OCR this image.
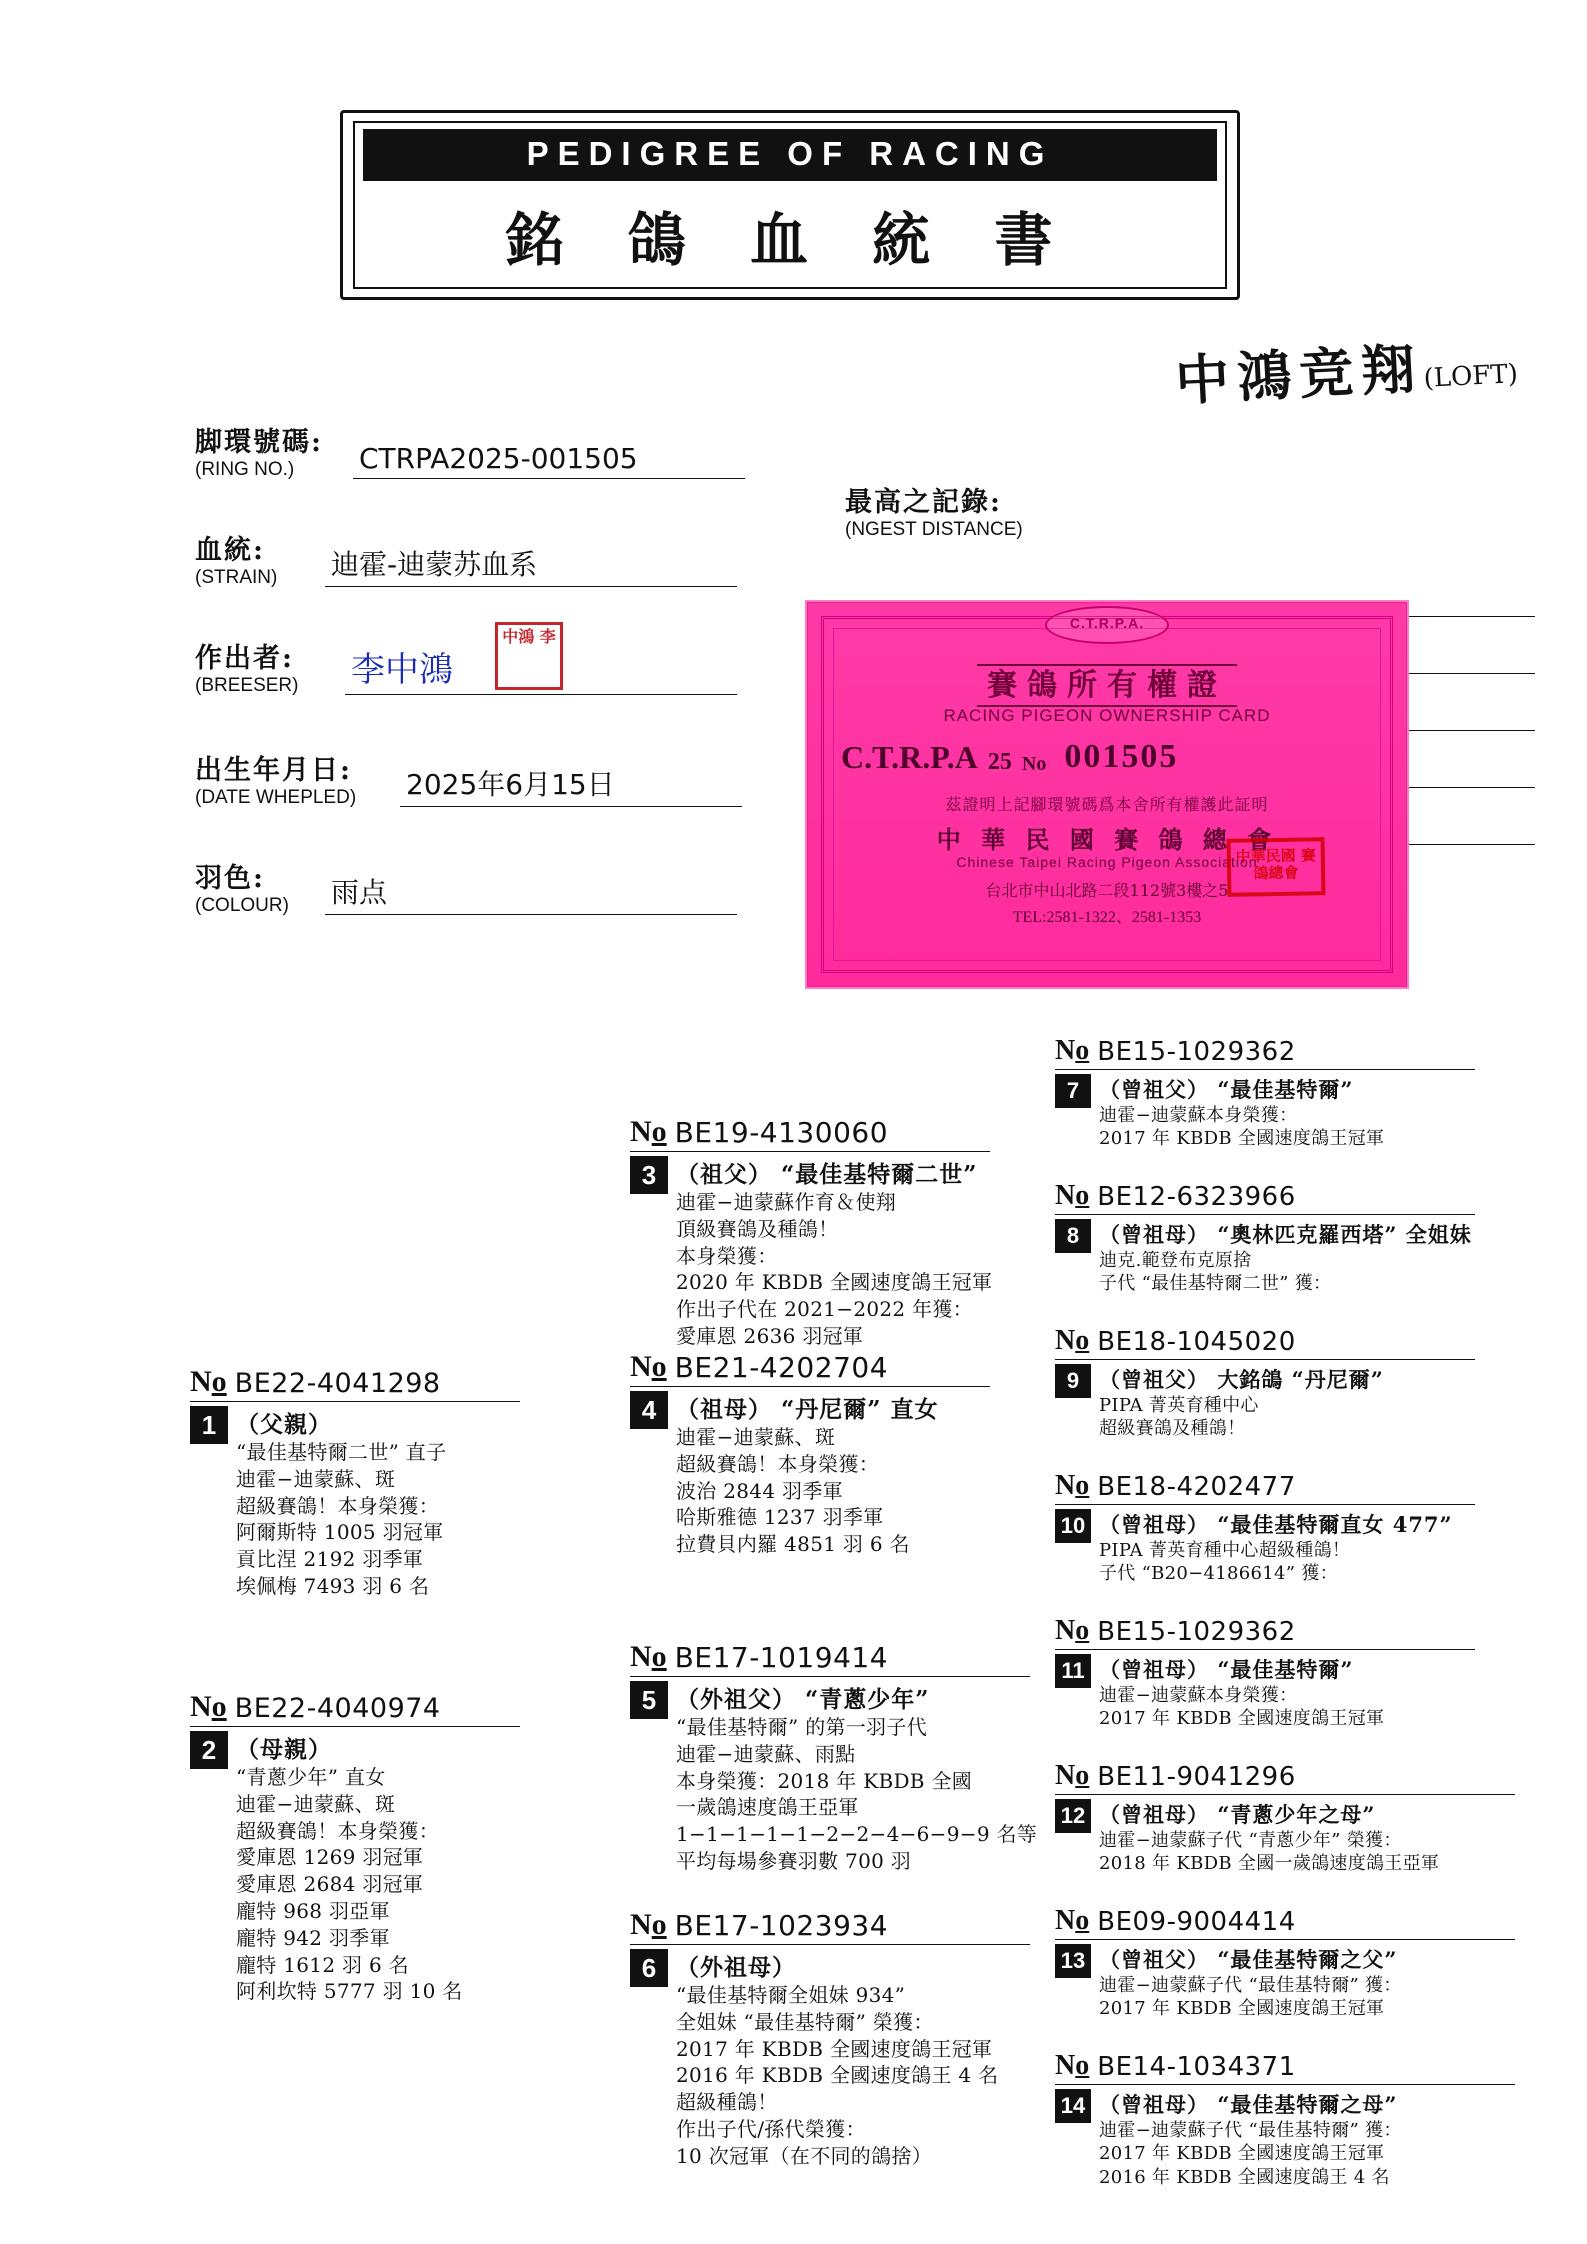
PEDIGREE OF RACING
銘 鴿 血 統 書
中鴻竞翔(LOFT)
脚環號碼:
(RING NO.)	CTRPA2025-001505
血統:
(STRAIN)	迪霍-迪蒙苏血系
作出者:
(BREESER)	李中鴻
中鴻 李
出生年月日:
(DATE WHEPLED)	2025年6月15日
羽色:
(COLOUR)	雨点
最高之記錄:
(NGEST DISTANCE)
C.T.R.P.A.
賽鴿所有權證
RACING PIGEON OWNERSHIP CARD
C.T.R.P.A 25 No 001505
茲證明上記腳環號碼爲本舍所有權護此証明
中 華 民 國 賽 鴿 總 會
Chinese Taipei Racing Pigeon Association
台北市中山北路二段112號3樓之5
TEL:2581-1322、2581-1353
中華民國 賽鴿總會
No BE22-4041298
1 （父親）
“最佳基特爾二世” 直子
迪霍−迪蒙蘇、斑
超級賽鴿！本身榮獲：
阿爾斯特 1005 羽冠軍
貢比涅 2192 羽季軍
埃佩梅 7493 羽 6 名
No BE22-4040974
2 （母親）
“青蔥少年” 直女
迪霍−迪蒙蘇、斑
超級賽鴿！本身榮獲：
愛庫恩 1269 羽冠軍
愛庫恩 2684 羽冠軍
龐特 968 羽亞軍
龐特 942 羽季軍
龐特 1612 羽 6 名
阿利坎特 5777 羽 10 名
No BE19-4130060
3 （祖父） “最佳基特爾二世”
迪霍−迪蒙蘇作育＆使翔
頂級賽鴿及種鴿！
本身榮獲：
2020 年 KBDB 全國速度鴿王冠軍
作出子代在 2021−2022 年獲：
愛庫恩 2636 羽冠軍
No BE21-4202704
4 （祖母） “丹尼爾” 直女
迪霍−迪蒙蘇、斑
超級賽鴿！本身榮獲：
波治 2844 羽季軍
哈斯雅德 1237 羽季軍
拉費貝内羅 4851 羽 6 名
No BE17-1019414
5 （外祖父） “青蔥少年”
“最佳基特爾” 的第一羽子代
迪霍−迪蒙蘇、雨點
本身榮獲：2018 年 KBDB 全國
一歲鴿速度鴿王亞軍
1−1−1−1−1−2−2−4−6−9−9 名等
平均每場參賽羽數 700 羽
No BE17-1023934
6 （外祖母）
“最佳基特爾全姐妹 934”
全姐妹 “最佳基特爾” 榮獲：
2017 年 KBDB 全國速度鴿王冠軍
2016 年 KBDB 全國速度鴿王 4 名
超級種鴿！
作出子代/孫代榮獲：
10 次冠軍（在不同的鴿捨）
No BE15-1029362
7 （曾祖父） “最佳基特爾”
迪霍−迪蒙蘇本身榮獲：
2017 年 KBDB 全國速度鴿王冠軍
No BE12-6323966
8 （曾祖母） “奧林匹克羅西塔” 全姐妹
迪克.範登布克原捨
子代 “最佳基特爾二世” 獲：
No BE18-1045020
9 （曾祖父） 大銘鴿 “丹尼爾”
PIPA 菁英育種中心
超級賽鴿及種鴿！
No BE18-4202477
10 （曾祖母） “最佳基特爾直女 477”
PIPA 菁英育種中心超級種鴿！
子代 “B20−4186614” 獲：
No BE15-1029362
11 （曾祖母） “最佳基特爾”
迪霍−迪蒙蘇本身榮獲：
2017 年 KBDB 全國速度鴿王冠軍
No BE11-9041296
12 （曾祖母） “青蔥少年之母”
迪霍−迪蒙蘇子代 “青蔥少年” 榮獲：
2018 年 KBDB 全國一歲鴿速度鴿王亞軍
No BE09-9004414
13 （曾祖父） “最佳基特爾之父”
迪霍−迪蒙蘇子代 “最佳基特爾” 獲：
2017 年 KBDB 全國速度鴿王冠軍
No BE14-1034371
14 （曾祖母） “最佳基特爾之母”
迪霍−迪蒙蘇子代 “最佳基特爾” 獲：
2017 年 KBDB 全國速度鴿王冠軍
2016 年 KBDB 全國速度鴿王 4 名
